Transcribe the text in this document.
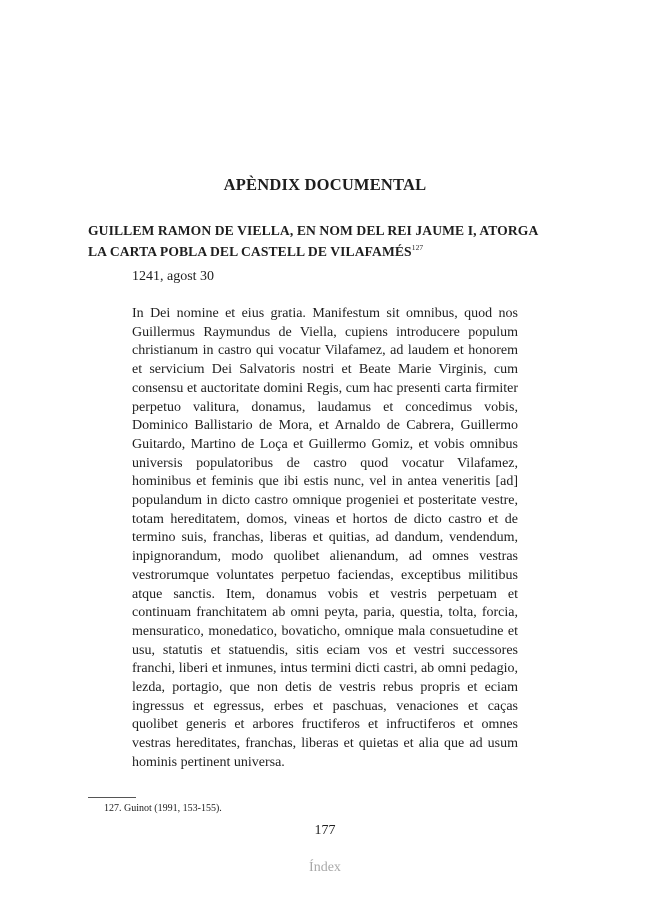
APÈNDIX DOCUMENTAL
GUILLEM RAMON DE VIELLA, EN NOM DEL REI JAUME I, ATORGA
LA CARTA POBLA DEL CASTELL DE VILAFAMÉS$^{127}$

1241, agost 30

In Dei nomine et eius gratia. Manifestum sit omnibus, quod nos Guillermus Raymundus de Viella, cupiens introducere populum christianum in castro qui vocatur Vilafamez, ad laudem et honorem et servicium Dei Salvatoris nostri et Beate Marie Virginis, cum consensu et auctoritate domini Regis, cum hac presenti carta firmiter perpetuo valitura, donamus, laudamus et concedimus vobis, Dominico Ballistario de Mora, et Arnaldo de Cabrera, Guillermo Guitardo, Martino de Loça et Guillermo Gomiz, et vobis omnibus universis populatoribus de castro quod vocatur Vilafamez, hominibus et feminis que ibi estis nunc, vel in antea veneritis [ad] populandum in dicto castro omnique progeniei et posteritate vestre, totam hereditatem, domos, vineas et hortos de dicto castro et de termino suis, franchas, liberas et quitias, ad dandum, vendendum, inpignorandum, modo quolibet alienandum, ad omnes vestras vestrorumque voluntates perpetuo faciendas, exceptibus militibus atque sanctis. Item, donamus vobis et vestris perpetuam et continuam franchitatem ab omni peyta, paria, questia, tolta, forcia, mensuratico, monedatico, bovaticho, omnique mala consuetudine et usu, statutis et statuendis, sitis eciam vos et vestri successores franchi, liberi et inmunes, intus termini dicti castri, ab omni pedagio, lezda, portagio, que non detis de vestris rebus propris et eciam ingressus et egressus, erbes et paschuas, venaciones et caças quolibet generis et arbores fructiferos et infructiferos et omnes vestras hereditates, franchas, liberas et quietas et alia que ad usum hominis pertinent universa.

127. Guinot (1991, 153-155).

177

Índex
